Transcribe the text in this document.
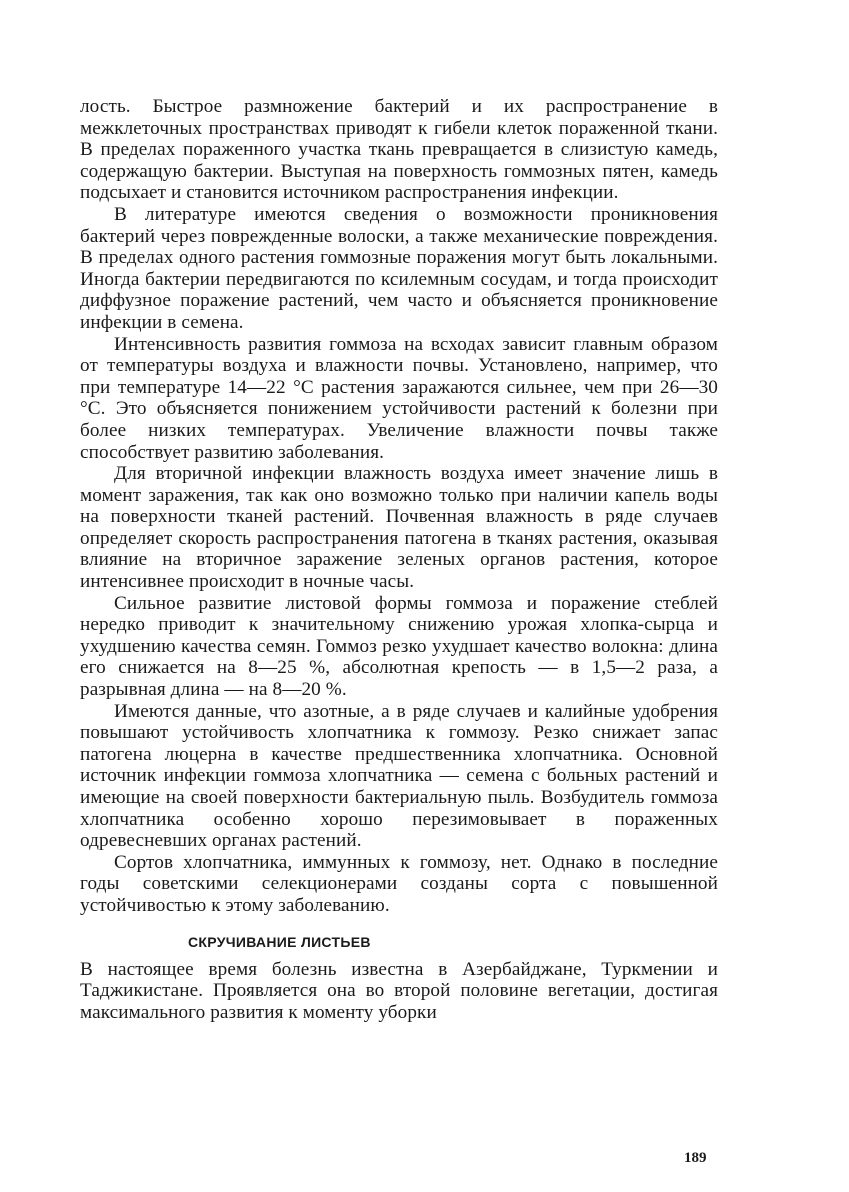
лость. Быстрое размножение бактерий и их распространение в межклеточных пространствах приводят к гибели клеток пораженной ткани. В пределах пораженного участка ткань превращается в слизистую камедь, содержащую бактерии. Выступая на поверхность гоммозных пятен, камедь подсыхает и становится источником распространения инфекции.

В литературе имеются сведения о возможности проникновения бактерий через поврежденные волоски, а также механические повреждения. В пределах одного растения гоммозные поражения могут быть локальными. Иногда бактерии передвигаются по ксилемным сосудам, и тогда происходит диффузное поражение растений, чем часто и объясняется проникновение инфекции в семена.

Интенсивность развития гоммоза на всходах зависит главным образом от температуры воздуха и влажности почвы. Установлено, например, что при температуре 14—22 °С растения заражаются сильнее, чем при 26—30 °С. Это объясняется понижением устойчивости растений к болезни при более низких температурах. Увеличение влажности почвы также способствует развитию заболевания.

Для вторичной инфекции влажность воздуха имеет значение лишь в момент заражения, так как оно возможно только при наличии капель воды на поверхности тканей растений. Почвенная влажность в ряде случаев определяет скорость распространения патогена в тканях растения, оказывая влияние на вторичное заражение зеленых органов растения, которое интенсивнее происходит в ночные часы.

Сильное развитие листовой формы гоммоза и поражение стеблей нередко приводит к значительному снижению урожая хлопка-сырца и ухудшению качества семян. Гоммоз резко ухудшает качество волокна: длина его снижается на 8—25 %, абсолютная крепость — в 1,5—2 раза, а разрывная длина — на 8—20 %.

Имеются данные, что азотные, а в ряде случаев и калийные удобрения повышают устойчивость хлопчатника к гоммозу. Резко снижает запас патогена люцерна в качестве предшественника хлопчатника. Основной источник инфекции гоммоза хлопчатника — семена с больных растений и имеющие на своей поверхности бактериальную пыль. Возбудитель гоммоза хлопчатника особенно хорошо перезимовывает в пораженных одревесневших органах растений.

Сортов хлопчатника, иммунных к гоммозу, нет. Однако в последние годы советскими селекционерами созданы сорта с повышенной устойчивостью к этому заболеванию.

СКРУЧИВАНИЕ ЛИСТЬЕВ

В настоящее время болезнь известна в Азербайджане, Туркмении и Таджикистане. Проявляется она во второй половине вегетации, достигая максимального развития к моменту уборки

189
